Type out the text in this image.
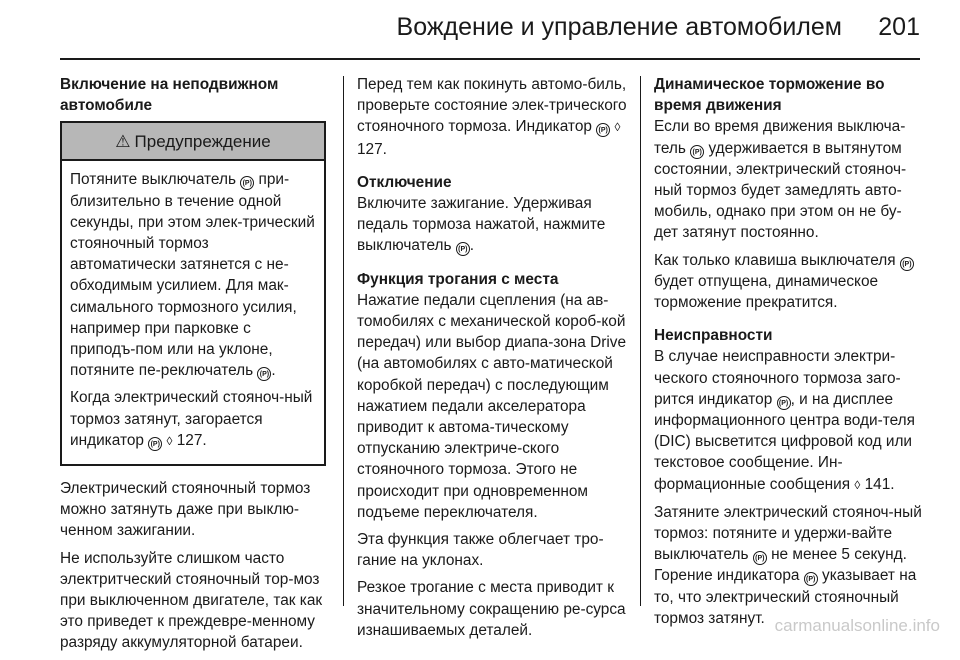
Вождение и управление автомобилем 201
Включение на неподвижном автомобиле
⚠ Предупреждение

Потяните выключатель (P) при-близительно в течение одной секунды, при этом элек-трический стояночный тормоз автоматически затянется с не-обходимым усилием. Для мак-симального тормозного усилия, например при парковке с приподъ-пом или на уклоне, потяните пе-реключатель (P) .

Когда электрический стояноч-ный тормоз затянут, загорается индикатор (P) ◊ 127.

Электрический стояночный тормоз можно затянуть даже при выклю-ченном зажигании.

Не используйте слишком часто электритческий стояночный тор-моз при выключенном двигателе, так как это приведет к преждевре-менному разряду аккумуляторной батареи.

Перед тем как покинуть автомо-биль, проверьте состояние элек-трического стояночного тормоза. Индикатор (P) ◊ 127.

Отключение

Включите зажигание. Удерживая педаль тормоза нажатой, нажмите выключатель (P) .

Функция трогания с места

Нажатие педали сцепления (на ав-томобилях с механической короб-кой передач) или выбор диапа-зона Drive (на автомобилях с авто-матической коробкой передач) с последующим нажатием педали акселератора приводит к автома-тическому отпусканию электриче-ского стояночного тормоза. Этого не происходит при одновременном подъеме переключателя.

Эта функция также облегчает тро-гание на уклонах.

Резкое трогание с места приводит к значительному сокращению ре-сурса изнашиваемых деталей.

Динамическое торможение во время движения

Если во время движения выключа-тель (P) удерживается в вытянутом состоянии, электрический стояноч-ный тормоз будет замедлять авто-мобиль, однако при этом он не бу-дет затянут постоянно.

Как только клавиша выключателя (P) будет отпущена, динамическое торможение прекратится.

Неисправности

В случае неисправности электри-ческого стояночного тормоза заго-рится индикатор (P) , и на дисплее информационного центра води-теля (DIC) высветится цифровой код или текстовое сообщение. Ин-формационные сообщения ◊ 141.

Затяните электрический стояноч-ный тормоз: потяните и удержи-вайте выключатель (P) не менее 5 секунд. Горение индикатора (P) указывает на то, что электрический стояночный тормоз затянут. carmanualsonline.info
